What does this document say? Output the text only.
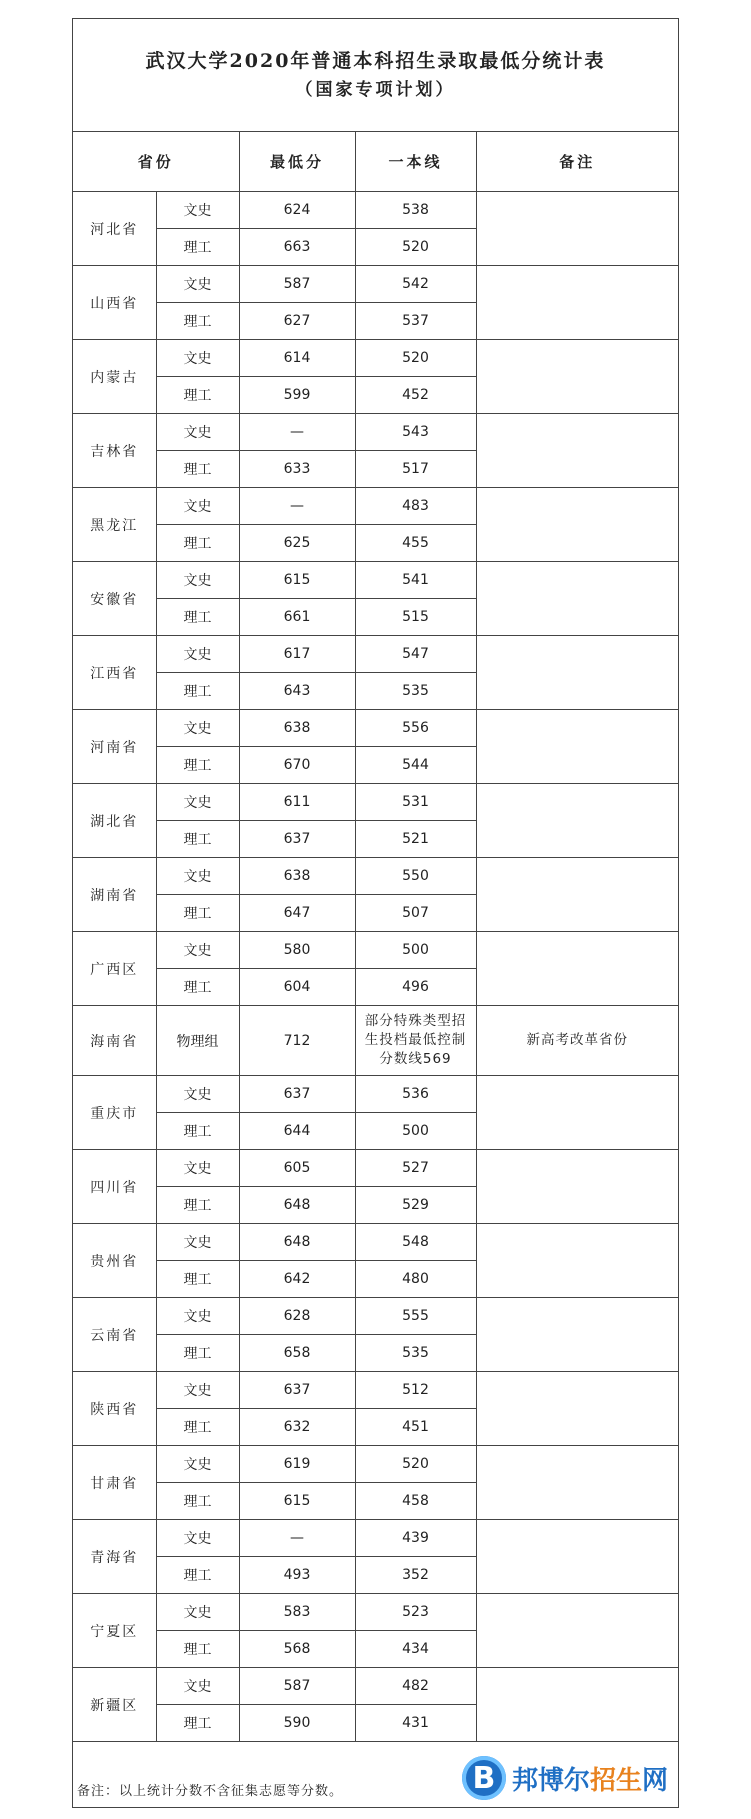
武汉大学2020年普通本科招生录取最低分统计表
（国家专项计划）
省份		最低分	一本线	备注
河北省	文史	624	538	
	理工	663	520	
山西省	文史	587	542	
	理工	627	537	
内蒙古	文史	614	520	
	理工	599	452	
吉林省	文史	—	543	
	理工	633	517	
黑龙江	文史	—	483	
	理工	625	455	
安徽省	文史	615	541	
	理工	661	515	
江西省	文史	617	547	
	理工	643	535	
河南省	文史	638	556	
	理工	670	544	
湖北省	文史	611	531	
	理工	637	521	
湖南省	文史	638	550	
	理工	647	507	
广西区	文史	580	500	
	理工	604	496	
海南省	物理组	712	部分特殊类型招生投档最低控制分数线569	新高考改革省份
重庆市	文史	637	536	
	理工	644	500	
四川省	文史	605	527	
	理工	648	529	
贵州省	文史	648	548	
	理工	642	480	
云南省	文史	628	555	
	理工	658	535	
陕西省	文史	637	512	
	理工	632	451	
甘肃省	文史	619	520	
	理工	615	458	
青海省	文史	—	439	
	理工	493	352	
宁夏区	文史	583	523	
	理工	568	434	
新疆区	文史	587	482	
	理工	590	431	
备注：以上统计分数不含征集志愿等分数。	B 邦博尔 招生 网
